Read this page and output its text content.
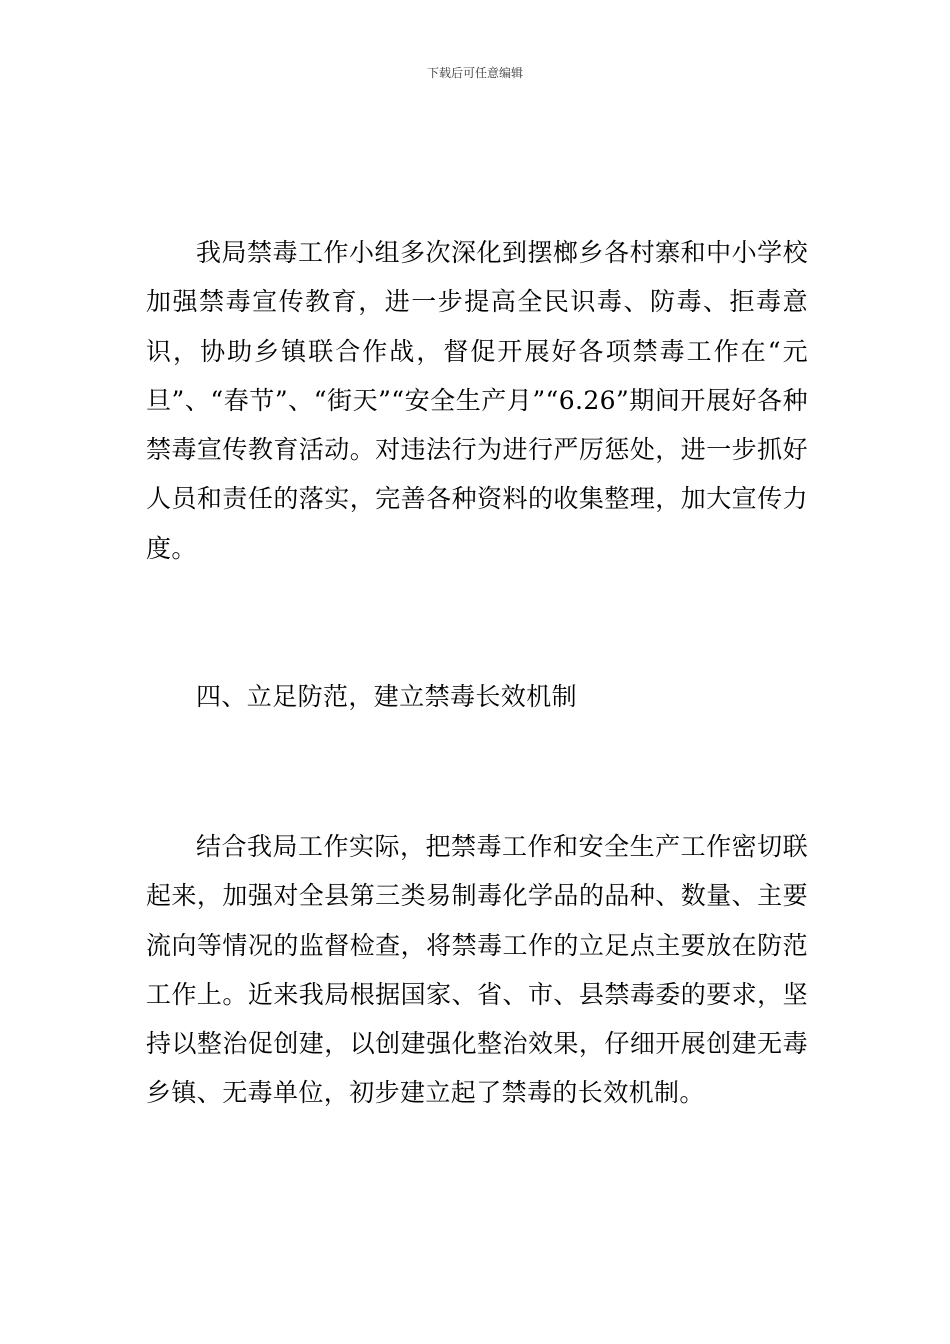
下载后可任意编辑

我局禁毒工作小组多次深化到摆榔乡各村寨和中小学校加强禁毒宣传教育，进一步提高全民识毒、防毒、拒毒意识，协助乡镇联合作战，督促开展好各项禁毒工作在“元旦”、“春节”、“街天”“安全生产月”“6.26”期间开展好各种禁毒宣传教育活动。对违法行为进行严厉惩处，进一步抓好人员和责任的落实，完善各种资料的收集整理，加大宣传力度。

四、立足防范，建立禁毒长效机制

结合我局工作实际，把禁毒工作和安全生产工作密切联起来，加强对全县第三类易制毒化学品的品种、数量、主要流向等情况的监督检查，将禁毒工作的立足点主要放在防范工作上。近来我局根据国家、省、市、县禁毒委的要求，坚持以整治促创建，以创建强化整治效果，仔细开展创建无毒乡镇、无毒单位，初步建立起了禁毒的长效机制。
